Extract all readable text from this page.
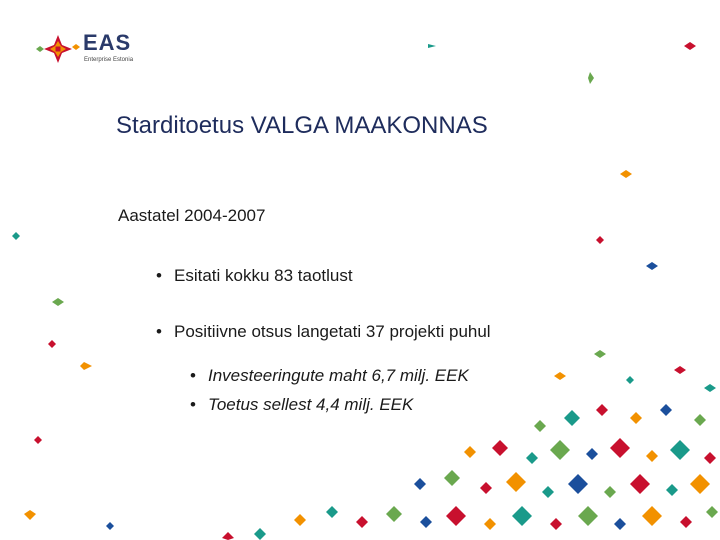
EAS
Enterprise Estonia
Starditoetus VALGA MAAKONNAS
Aastatel 2004-2007
• Esitati kokku 83 taotlust
• Positiivne otsus langetati 37 projekti puhul
• Investeeringute maht 6,7 milj. EEK
• Toetus sellest 4,4 milj. EEK
